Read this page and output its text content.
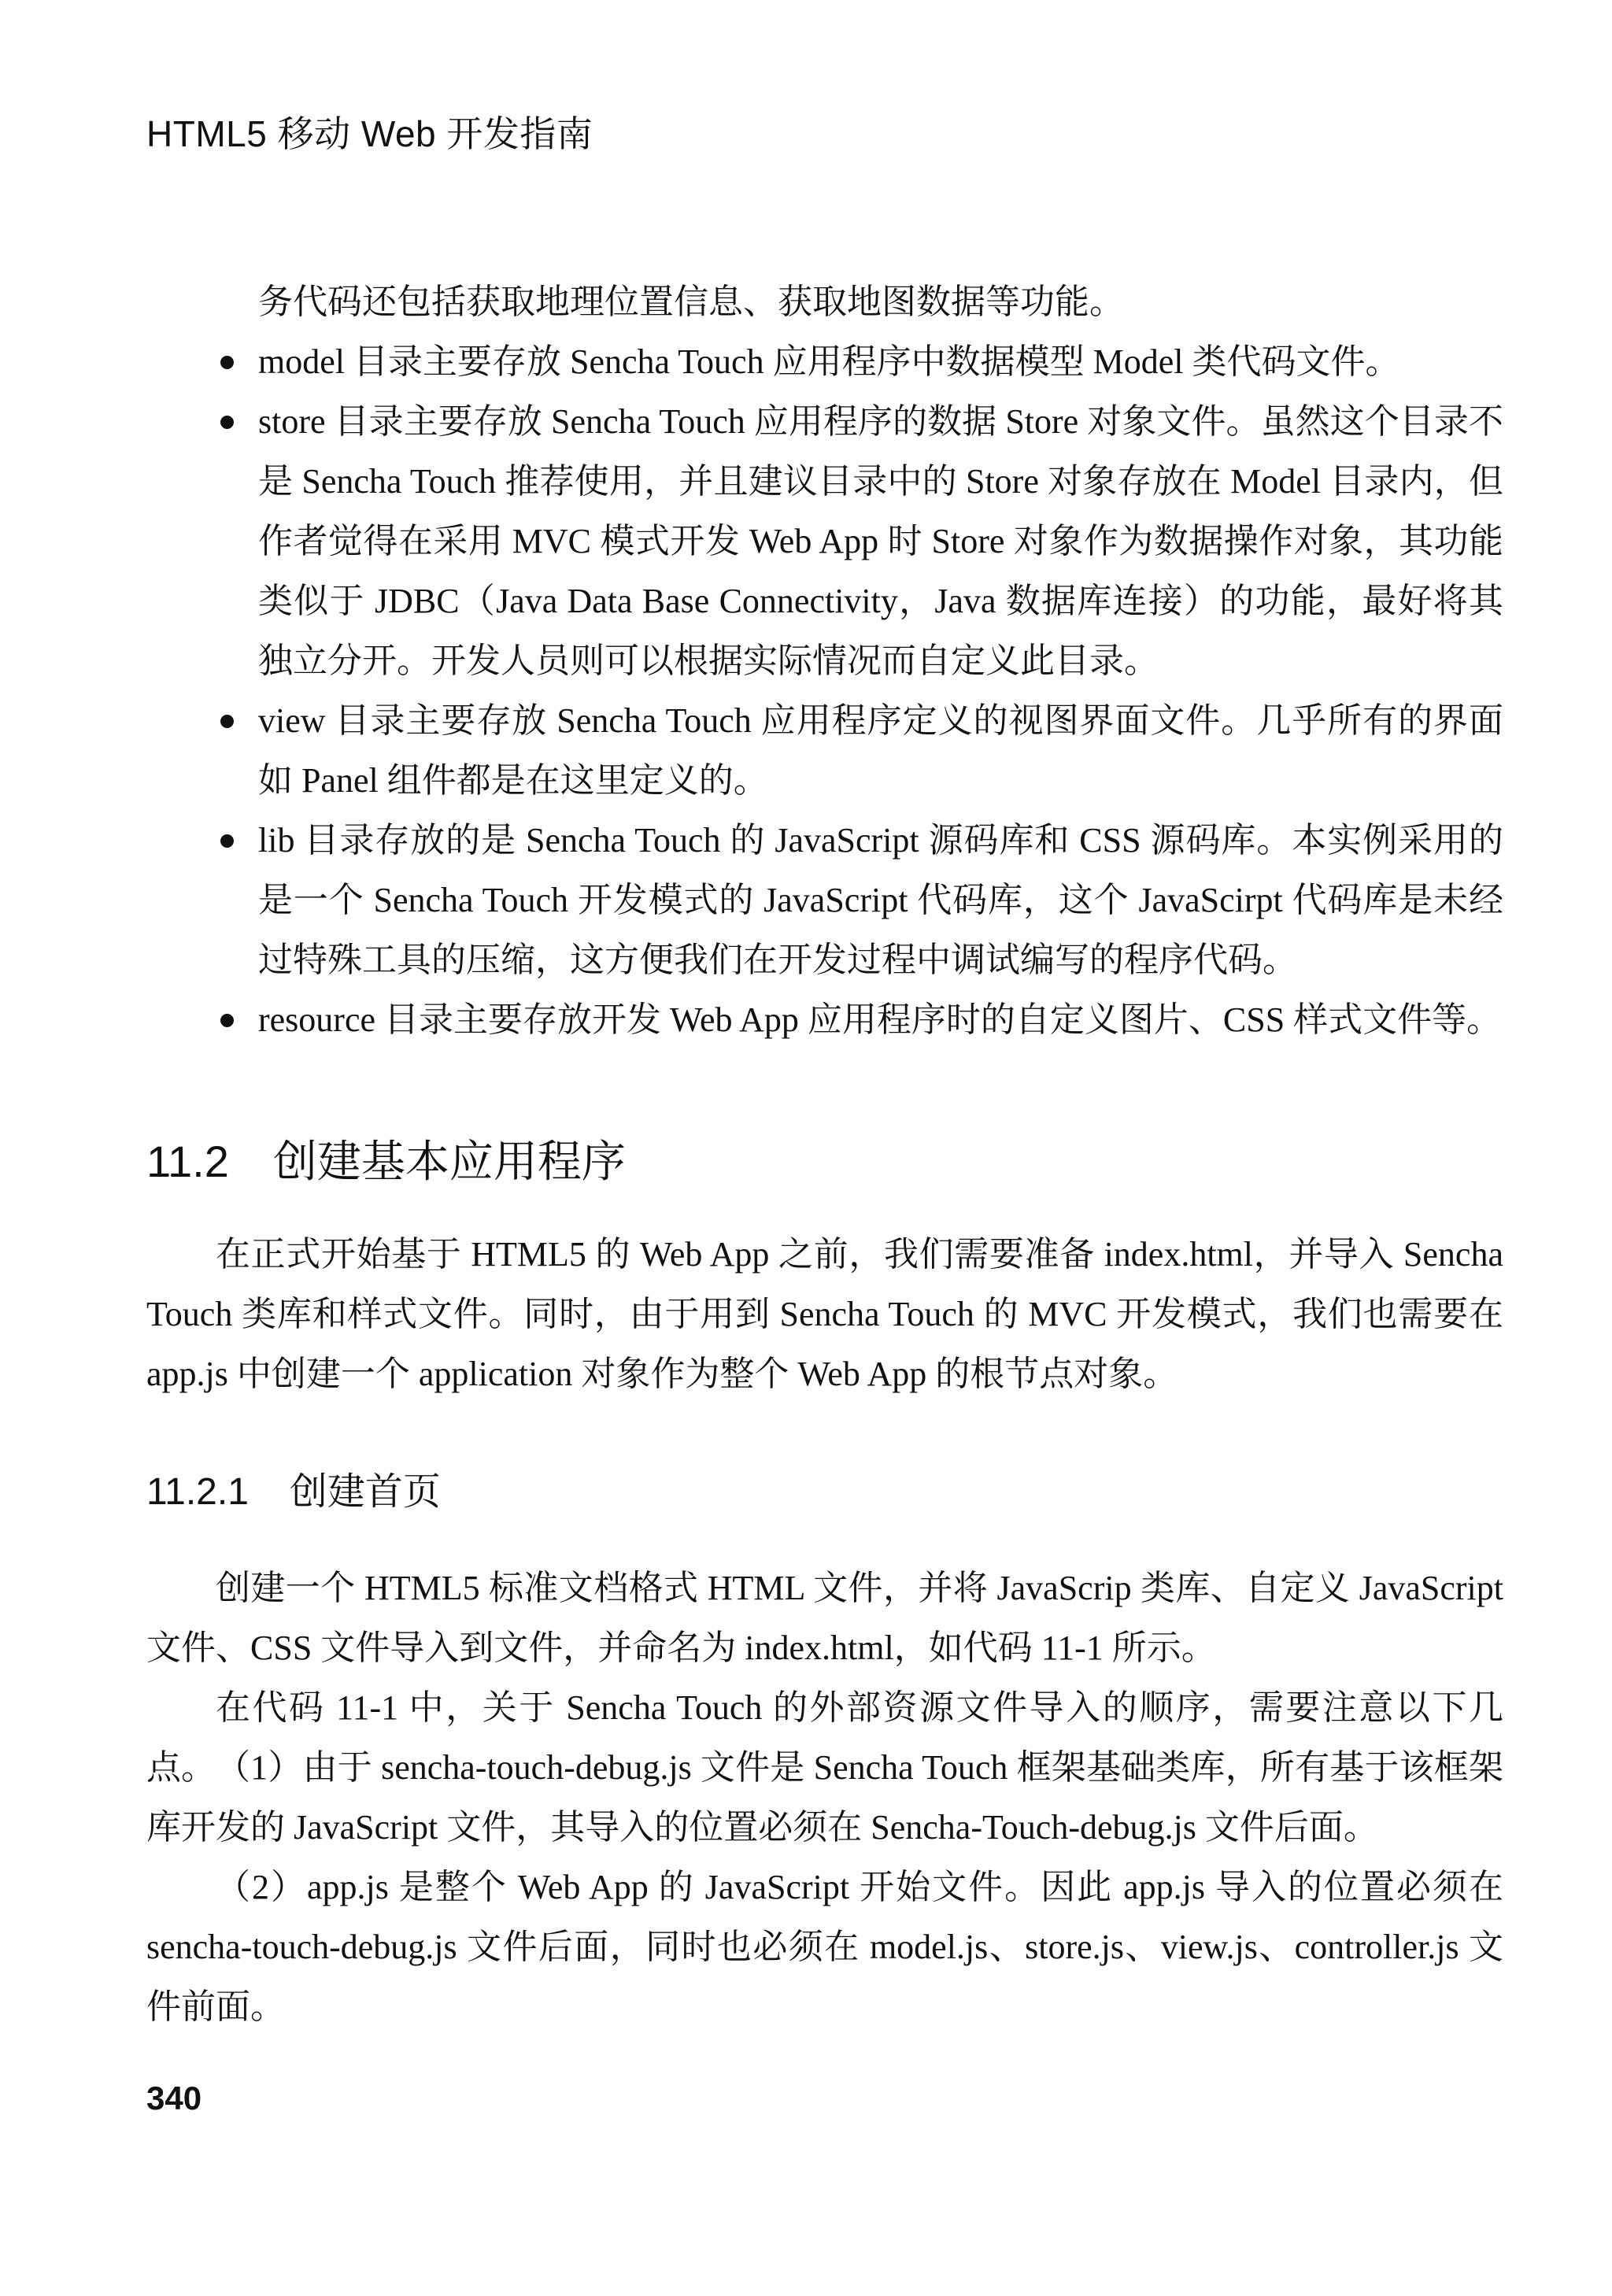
HTML5 移动 Web 开发指南
务代码还包括获取地理位置信息、获取地图数据等功能。
model 目录主要存放 Sencha Touch 应用程序中数据模型 Model 类代码文件。
store 目录主要存放 Sencha Touch 应用程序的数据 Store 对象文件。虽然这个目录不是 Sencha Touch 推荐使用，并且建议目录中的 Store 对象存放在 Model 目录内，但作者觉得在采用 MVC 模式开发 Web App 时 Store 对象作为数据操作对象，其功能类似于 JDBC（Java Data Base Connectivity，Java 数据库连接）的功能，最好将其独立分开。开发人员则可以根据实际情况而自定义此目录。
view 目录主要存放 Sencha Touch 应用程序定义的视图界面文件。几乎所有的界面如 Panel 组件都是在这里定义的。
lib 目录存放的是 Sencha Touch 的 JavaScript 源码库和 CSS 源码库。本实例采用的是一个 Sencha Touch 开发模式的 JavaScript 代码库，这个 JavaScirpt 代码库是未经过特殊工具的压缩，这方便我们在开发过程中调试编写的程序代码。
resource 目录主要存放开发 Web App 应用程序时的自定义图片、CSS 样式文件等。
11.2 创建基本应用程序

在正式开始基于 HTML5 的 Web App 之前，我们需要准备 index.html，并导入 Sencha Touch 类库和样式文件。同时，由于用到 Sencha Touch 的 MVC 开发模式，我们也需要在 app.js 中创建一个 application 对象作为整个 Web App 的根节点对象。

11.2.1 创建首页

创建一个 HTML5 标准文档格式 HTML 文件，并将 JavaScrip 类库、自定义 JavaScript 文件、CSS 文件导入到文件，并命名为 index.html，如代码 11-1 所示。

在代码 11-1 中，关于 Sencha Touch 的外部资源文件导入的顺序，需要注意以下几点。 （1）由于 sencha-touch-debug.js 文件是 Sencha Touch 框架基础类库，所有基于该框架库开发的 JavaScript 文件，其导入的位置必须在 Sencha-Touch-debug.js 文件后面。

（2）app.js 是整个 Web App 的 JavaScript 开始文件。因此 app.js 导入的位置必须在 sencha-touch-debug.js 文件后面，同时也必须在 model.js、store.js、view.js、controller.js 文件前面。

340
